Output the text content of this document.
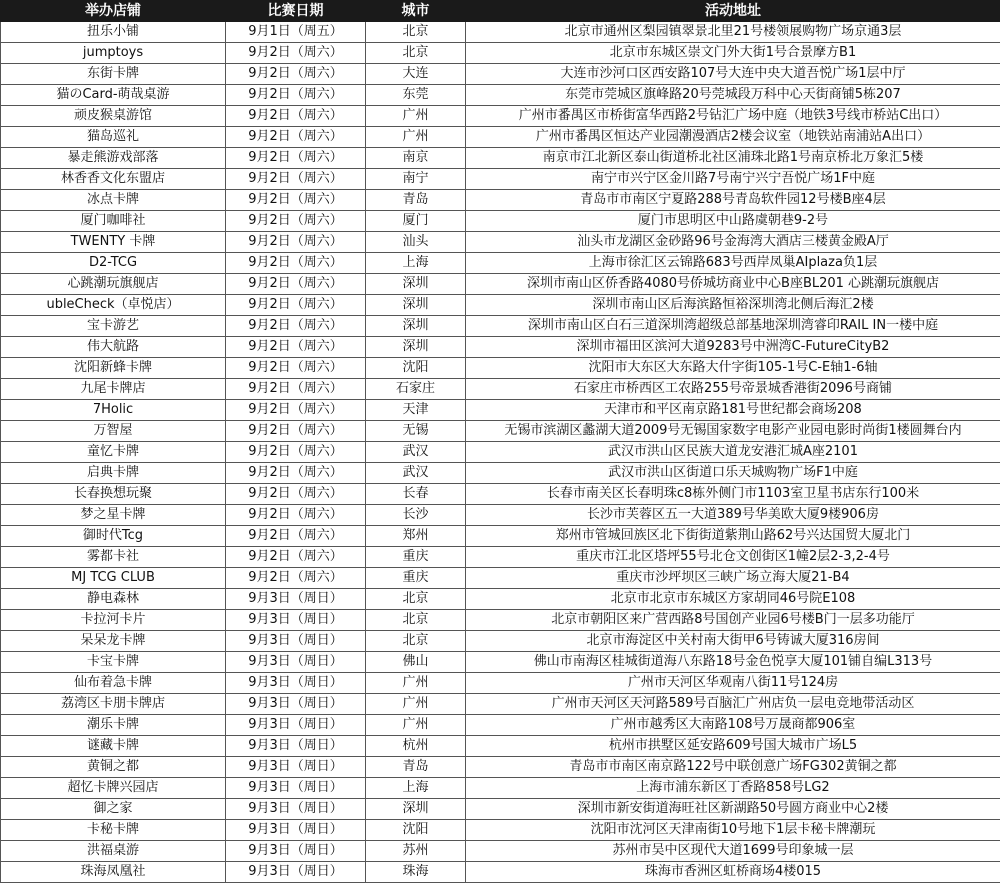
举办店铺	比赛日期	城市	活动地址
扭乐小铺	9月1日（周五）	北京	北京市通州区梨园镇翠景北里21号楼领展购物广场京通3层
jumptoys	9月2日（周六）	北京	北京市东城区崇文门外大街1号合景摩方B1
东街卡牌	9月2日（周六）	大连	大连市沙河口区西安路107号大连中央大道吾悦广场1层中厅
猫のCard-萌哉桌游	9月2日（周六）	东莞	东莞市莞城区旗峰路20号莞城段万科中心天街商铺5栋207
顽皮猴桌游馆	9月2日（周六）	广州	广州市番禺区市桥街富华西路2号钻汇广场中庭（地铁3号线市桥站C出口）
猫岛巡礼	9月2日（周六）	广州	广州市番禺区恒达产业园潮漫酒店2楼会议室（地铁站南浦站A出口）
暴走熊游戏部落	9月2日（周六）	南京	南京市江北新区泰山街道桥北社区浦珠北路1号南京桥北万象汇5楼
林香香文化东盟店	9月2日（周六）	南宁	南宁市兴宁区金川路7号南宁兴宁吾悦广场1F中庭
冰点卡牌	9月2日（周六）	青岛	青岛市市南区宁夏路288号青岛软件园12号楼B座4层
厦门咖啡社	9月2日（周六）	厦门	厦门市思明区中山路虞朝巷9-2号
TWENTY 卡牌	9月2日（周六）	汕头	汕头市龙湖区金砂路96号金海湾大酒店三楼黄金殿A厅
D2-TCG	9月2日（周六）	上海	上海市徐汇区云锦路683号西岸凤巢AIplaza负1层
心跳潮玩旗舰店	9月2日（周六）	深圳	深圳市南山区侨香路4080号侨城坊商业中心B座BL201 心跳潮玩旗舰店
ubleCheck（卓悦店）	9月2日（周六）	深圳	深圳市南山区后海滨路恒裕深圳湾北侧后海汇2楼
宝卡游艺	9月2日（周六）	深圳	深圳市南山区白石三道深圳湾超级总部基地深圳湾睿印RAIL IN一楼中庭
伟大航路	9月2日（周六）	深圳	深圳市福田区滨河大道9283号中洲湾C-FutureCityB2
沈阳新蜂卡牌	9月2日（周六）	沈阳	沈阳市大东区大东路大什字街105-1号C-E轴1-6轴
九尾卡牌店	9月2日（周六）	石家庄	石家庄市桥西区工农路255号帝景城香港街2096号商铺
7Holic	9月2日（周六）	天津	天津市和平区南京路181号世纪都会商场208
万智屋	9月2日（周六）	无锡	无锡市滨湖区蠡湖大道2009号无锡国家数字电影产业园电影时尚街1楼圆舞台内
童忆卡牌	9月2日（周六）	武汉	武汉市洪山区民族大道龙安港汇城A座2101
启典卡牌	9月2日（周六）	武汉	武汉市洪山区街道口乐天城购物广场F1中庭
长春换想玩聚	9月2日（周六）	长春	长春市南关区长春明珠c8栋外侧门市1103室卫星书店东行100米
梦之星卡牌	9月2日（周六）	长沙	长沙市芙蓉区五一大道389号华美欧大厦9楼906房
御时代Tcg	9月2日（周六）	郑州	郑州市管城回族区北下街街道紫荆山路62号兴达国贸大厦北门
雾都卡社	9月2日（周六）	重庆	重庆市江北区塔坪55号北仓文创街区1幢2层2-3,2-4号
MJ TCG CLUB	9月2日（周六）	重庆	重庆市沙坪坝区三峡广场立海大厦21-B4
静电森林	9月3日（周日）	北京	北京市北京市东城区方家胡同46号院E108
卡拉河卡片	9月3日（周日）	北京	北京市朝阳区来广营西路8号国创产业园6号楼B门一层多功能厅
呆呆龙卡牌	9月3日（周日）	北京	北京市海淀区中关村南大街甲6号铸诚大厦316房间
卡宝卡牌	9月3日（周日）	佛山	佛山市南海区桂城街道海八东路18号金色悦享大厦101铺自编L313号
仙布着急卡牌	9月3日（周日）	广州	广州市天河区华观南八街11号124房
荔湾区卡朋卡牌店	9月3日（周日）	广州	广州市天河区天河路589号百脑汇广州店负一层电竞地带活动区
潮乐卡牌	9月3日（周日）	广州	广州市越秀区大南路108号万晟商都906室
谜藏卡牌	9月3日（周日）	杭州	杭州市拱墅区延安路609号国大城市广场L5
黄铜之都	9月3日（周日）	青岛	青岛市市南区南京路122号中联创意广场FG302黄铜之都
超忆卡牌兴园店	9月3日（周日）	上海	上海市浦东新区丁香路858号LG2
御之家	9月3日（周日）	深圳	深圳市新安街道海旺社区新湖路50号圆方商业中心2楼
卡秘卡牌	9月3日（周日）	沈阳	沈阳市沈河区天津南街10号地下1层卡秘卡牌潮玩
洪福桌游	9月3日（周日）	苏州	苏州市吴中区现代大道1699号印象城一层
珠海凤凰社	9月3日（周日）	珠海	珠海市香洲区虹桥商场4楼015
